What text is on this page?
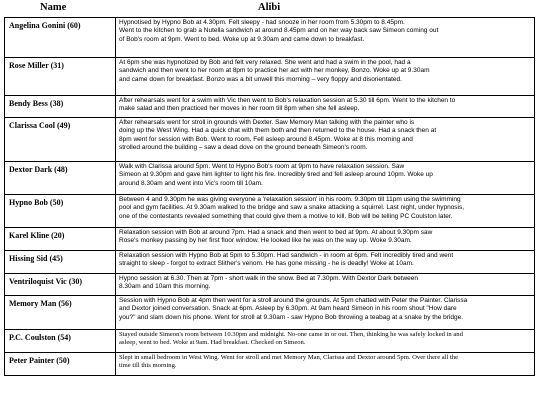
Name	Alibi
Angelina Gonini (60)	Hypnotised by Hypno Bob at 4.30pm. Felt sleepy - had snooze in her room from 5.30pm to 8.45pm.
Went to the kitchen to grab a Nutella sandwich at around 8.45pm and on her way back saw Simeon coming out
of Bob's room at 9pm. Went to bed. Woke up at 9.30am and came down to breakfast.

Rose Miller (31)	At 6pm she was hypnotized by Bob and felt very relaxed. She went and had a swim in the pool, had a
sandwich and then went to her room at 8pm to practice her act with her monkey, Bonzo. Woke up at 9.30am
and came down for breakfast. Bonzo was a bit unwell this morning – very floppy and disorientated.

Bendy Bess (38)	After rehearsals went for a swim with Vic then went to Bob's relaxation session at 5.30 till 6pm. Went to the kitchen to
make salad and then practiced her moves in her room till 8pm when she fell asleep.

Clarissa Cool (49)	After rehearsals went for stroll in grounds with Dexter. Saw Memory Man talking with the painter who is
doing up the West Wing. Had a quick chat with them both and then returned to the house. Had a snack then at
8pm went for session with Bob. Went to room. Fell asleep around 8.45pm. Woke at 8 this morning and
strolled around the building – saw a dead dove on the ground beneath Simeon's room.

Dextor Dark (48)	Walk with Clarissa around 5pm. Went to Hypno Bob's room at 9pm to have relaxation session. Saw
Simeon at 9.30pm and gave him lighter to light his fire. Incredibly tired and fell asleep around 10pm. Woke up
around 8.30am and went into Vic's room till 10am.

Hypno Bob (50)	Between 4 and 9.30pm he was giving everyone a 'relaxation session' in his room. 9.30pm till 11pm using the swimming
pool and gym facilities. At 9.30am walked to the bridge and saw a snake attacking a squirrel. Last night, under hypnosis,
one of the contestants revealed something that could give them a motive to kill. Bob will be telling PC Coulston later.

Karel Kline (20)	Relaxation session with Bob at around 7pm. Had a snack and then went to bed at 9pm. At about 9.30pm saw
Rose's monkey passing by her first floor window. He looked like he was on the way up. Woke 9.30am.

Hissing Sid (45)	Relaxation session with Hypno Bob at 5pm to 5.30pm. Had sandwich - in room at 6pm. Felt incredibly tired and went
straight to sleep - forgot to extract Slither's venom. He has gone missing - he is deadly! Woke at 10am.

Ventriloquist Vic (30)	Hypno session at 6.30. Then at 7pm - short walk in the snow. Bed at 7.30pm. With Dextor Dark between
8.30am and 10am this morning.

Memory Man (56)	Session with Hypno Bob at 4pm then went for a stroll around the grounds. At 5pm chatted with Peter the Painter. Clarissa
and Dextor joined conversation. Snack at 6pm. Asleep by 6.30pm. At 9am heard Simeon in his room shout "How dare
you?" and slam down his phone. Went for stroll at 9.30am - saw Hypno Bob throwing a teabag at a snake by the bridge.

P.C. Coulston (54)	Stayed outside Simeon's room between 10.30pm and midnight. No-one came in or out. Then, thinking he was safely locked in and
asleep, went to bed. Woke at 9am. Had breakfast. Checked on Simeon.

Peter Painter (50)	Slept in small bedroom in West Wing. Went for stroll and met Memory Man, Clarissa and Dextor around 5pm. Over there all the
time till this morning.
